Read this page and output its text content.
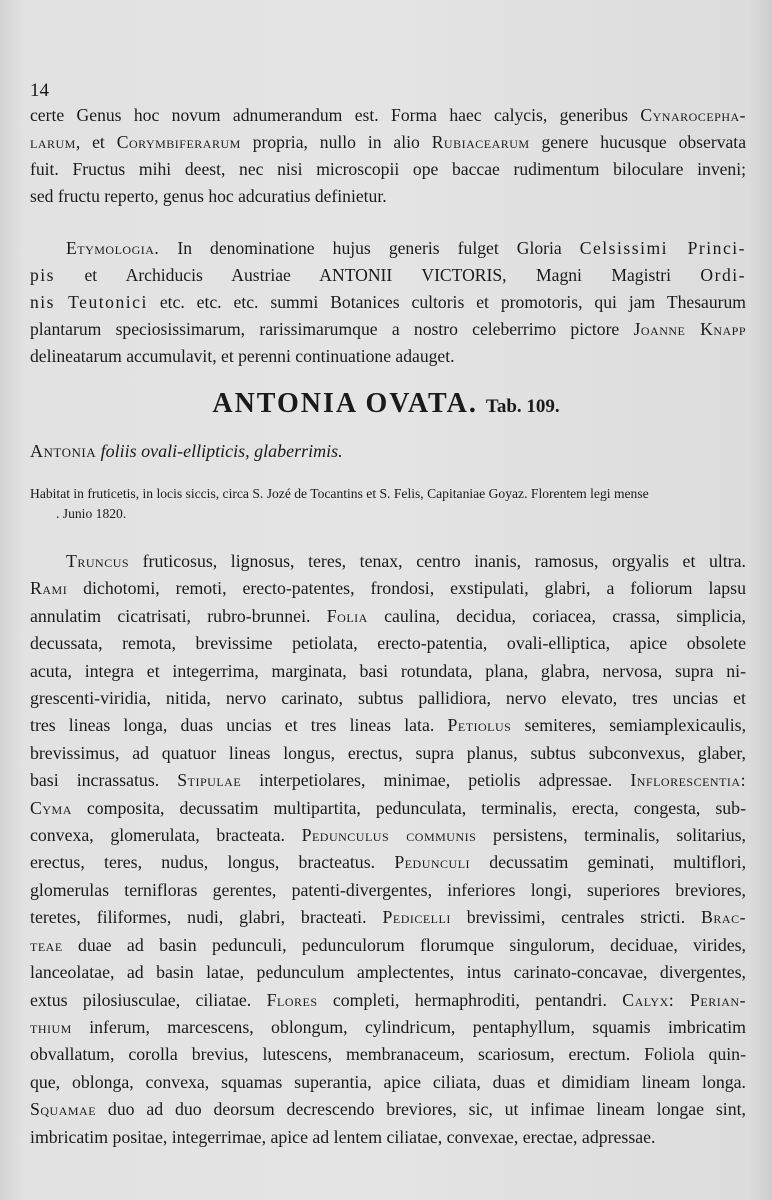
14

certe Genus hoc novum adnumerandum est. Forma haec calycis, generibus Cynarocepha-
larum, et Corymbiferarum propria, nullo in alio Rubiacearum genere hucusque observata
fuit. Fructus mihi deest, nec nisi microscopii ope baccae rudimentum biloculare inveni;
sed fructu reperto, genus hoc adcuratius definietur.

Etymologia. In denominatione hujus generis fulget Gloria Celsissimi Princi-
pis et Archiducis Austriae ANTONII VICTORIS, Magni Magistri Ordi-
nis Teutonici etc. etc. etc. summi Botanices cultoris et promotoris, qui jam Thesaurum
plantarum speciosissimarum, rarissimarumque a nostro celeberrimo pictore Joanne Knapp
delineatarum accumulavit, et perenni continuatione adauget.

ANTONIA OVATA. Tab. 109.
Antonia foliis ovali-ellipticis, glaberrimis.

Habitat in fruticetis, in locis siccis, circa S. Jozé de Tocantins et S. Felis, Capitaniae Goyaz. Florentem legi mense
. Junio 1820.

Truncus fruticosus, lignosus, teres, tenax, centro inanis, ramosus, orgyalis et ultra.
Rami dichotomi, remoti, erecto-patentes, frondosi, exstipulati, glabri, a foliorum lapsu
annulatim cicatrisati, rubro-brunnei. Folia caulina, decidua, coriacea, crassa, simplicia,
decussata, remota, brevissime petiolata, erecto-patentia, ovali-elliptica, apice obsolete
acuta, integra et integerrima, marginata, basi rotundata, plana, glabra, nervosa, supra ni-
grescenti-viridia, nitida, nervo carinato, subtus pallidiora, nervo elevato, tres uncias et
tres lineas longa, duas uncias et tres lineas lata. Petiolus semiteres, semiamplexicaulis,
brevissimus, ad quatuor lineas longus, erectus, supra planus, subtus subconvexus, glaber,
basi incrassatus. Stipulae interpetiolares, minimae, petiolis adpressae. Inflorescentia:
Cyma composita, decussatim multipartita, pedunculata, terminalis, erecta, congesta, sub-
convexa, glomerulata, bracteata. Pedunculus communis persistens, terminalis, solitarius,
erectus, teres, nudus, longus, bracteatus. Pedunculi decussatim geminati, multiflori,
glomerulas ternifloras gerentes, patenti-divergentes, inferiores longi, superiores breviores,
teretes, filiformes, nudi, glabri, bracteati. Pedicelli brevissimi, centrales stricti. Brac-
teae duae ad basin pedunculi, pedunculorum florumque singulorum, deciduae, virides,
lanceolatae, ad basin latae, pedunculum amplectentes, intus carinato-concavae, divergentes,
extus pilosiusculae, ciliatae. Flores completi, hermaphroditi, pentandri. Calyx: Perian-
thium inferum, marcescens, oblongum, cylindricum, pentaphyllum, squamis imbricatim
obvallatum, corolla brevius, lutescens, membranaceum, scariosum, erectum. Foliola quin-
que, oblonga, convexa, squamas superantia, apice ciliata, duas et dimidiam lineam longa.
Squamae duo ad duo deorsum decrescendo breviores, sic, ut infimae lineam longae sint,
imbricatim positae, integerrimae, apice ad lentem ciliatae, convexae, erectae, adpressae.
